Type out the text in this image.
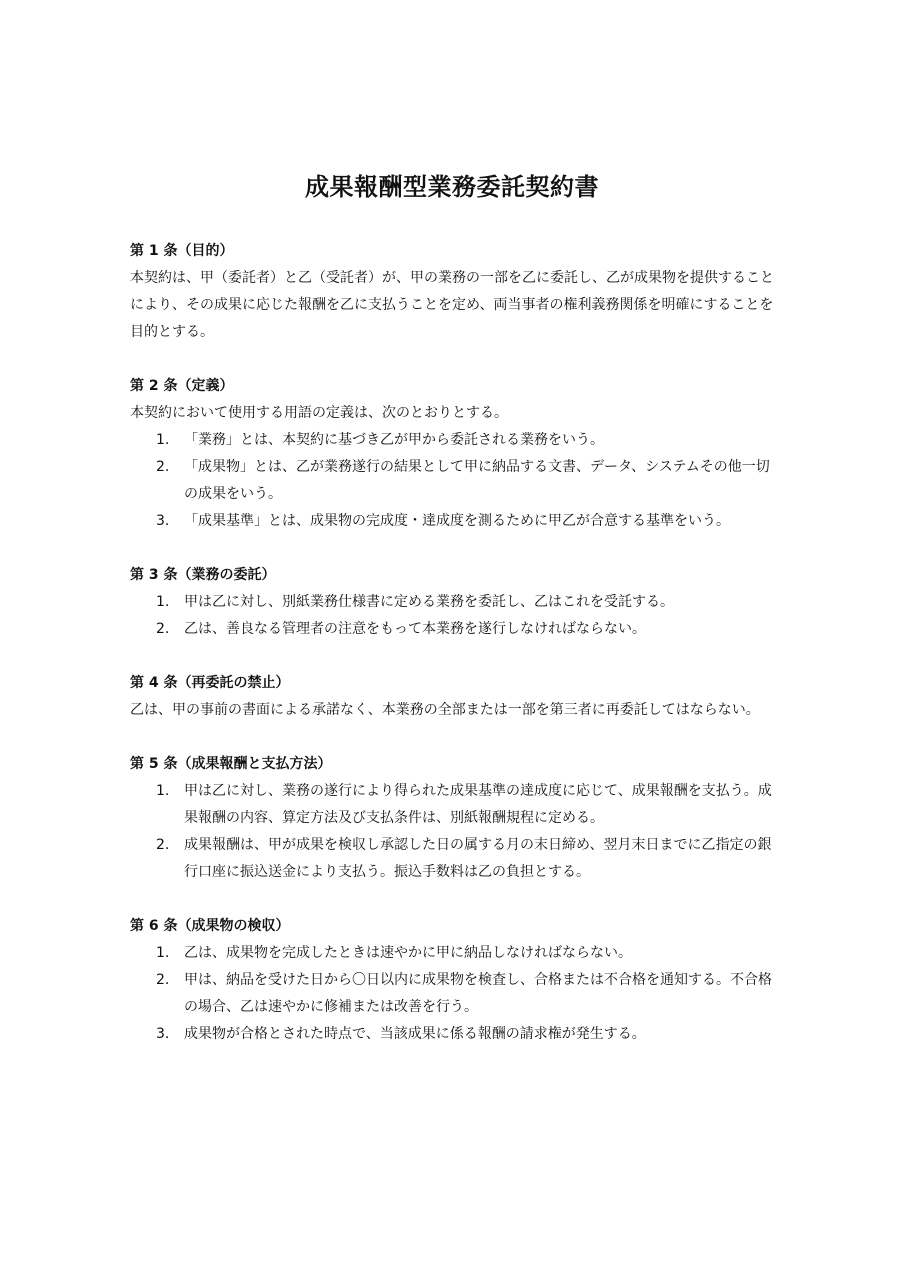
成果報酬型業務委託契約書
第 1 条（目的）
本契約は、甲（委託者）と乙（受託者）が、甲の業務の一部を乙に委託し、乙が成果物を提供することにより、その成果に応じた報酬を乙に支払うことを定め、両当事者の権利義務関係を明確にすることを目的とする。
第 2 条（定義）
本契約において使用する用語の定義は、次のとおりとする。
1.	「業務」とは、本契約に基づき乙が甲から委託される業務をいう。
2.	「成果物」とは、乙が業務遂行の結果として甲に納品する文書、データ、システムその他一切の成果をいう。
3.	「成果基準」とは、成果物の完成度・達成度を測るために甲乙が合意する基準をいう。
第 3 条（業務の委託）
1.	甲は乙に対し、別紙業務仕様書に定める業務を委託し、乙はこれを受託する。
2.	乙は、善良なる管理者の注意をもって本業務を遂行しなければならない。
第 4 条（再委託の禁止）
乙は、甲の事前の書面による承諾なく、本業務の全部または一部を第三者に再委託してはならない。
第 5 条（成果報酬と支払方法）
1.	甲は乙に対し、業務の遂行により得られた成果基準の達成度に応じて、成果報酬を支払う。成果報酬の内容、算定方法及び支払条件は、別紙報酬規程に定める。
2.	成果報酬は、甲が成果を検収し承認した日の属する月の末日締め、翌月末日までに乙指定の銀行口座に振込送金により支払う。振込手数料は乙の負担とする。
第 6 条（成果物の検収）
1.	乙は、成果物を完成したときは速やかに甲に納品しなければならない。
2.	甲は、納品を受けた日から〇日以内に成果物を検査し、合格または不合格を通知する。不合格の場合、乙は速やかに修補または改善を行う。
3.	成果物が合格とされた時点で、当該成果に係る報酬の請求権が発生する。
